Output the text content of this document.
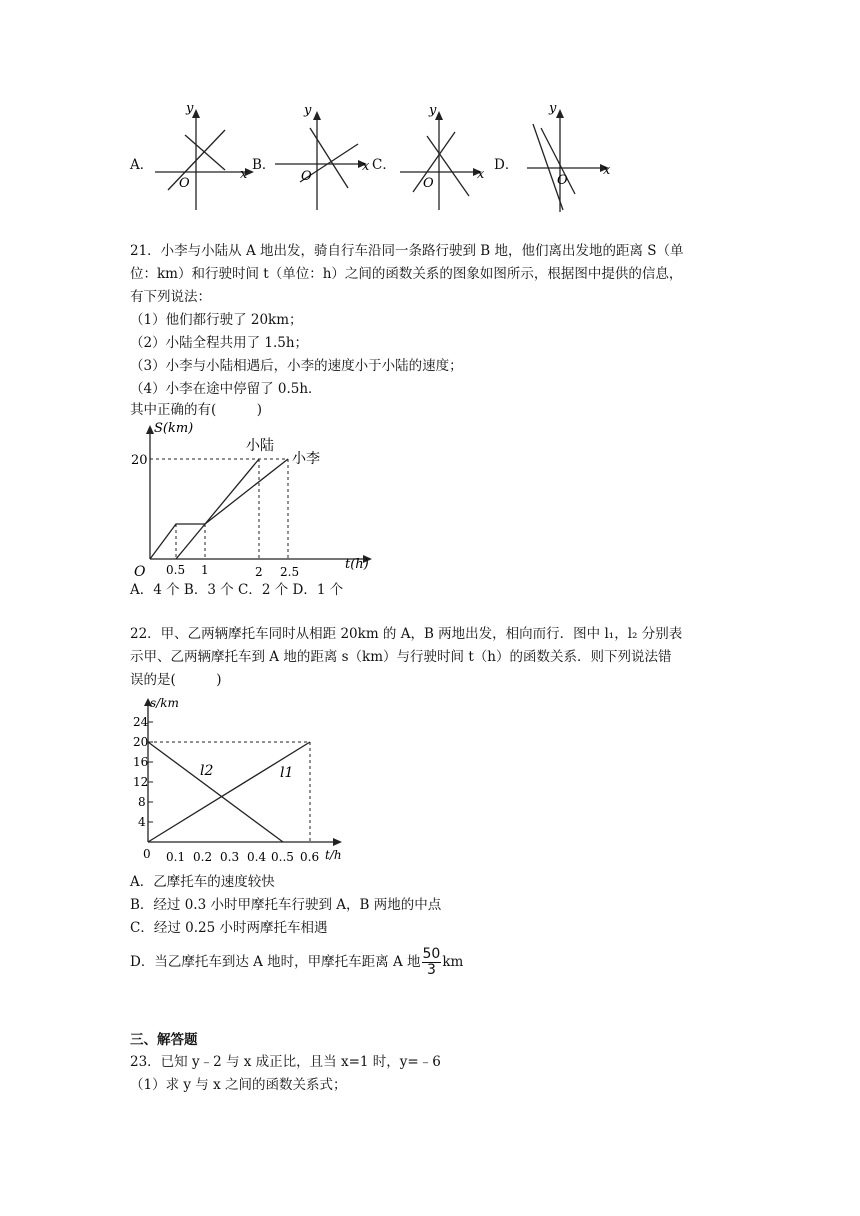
A．
y
x
O
B．
y
x
O
C．
y
x
O
D．
y
x
O
21．小李与小陆从 A 地出发，骑自行车沿同一条路行驶到 B 地，他们离出发地的距离 S（单
位：km）和行驶时间 t（单位：h）之间的函数关系的图象如图所示，根据图中提供的信息，
有下列说法：
（1）他们都行驶了 20km；
（2）小陆全程共用了 1.5h；
（3）小李与小陆相遇后，小李的速度小于小陆的速度；
（4）小李在途中停留了 0.5h．
其中正确的有(　　　)
S(km)
t(h)
20
O 0.5 1	2 2.5
小陆
小李
A．4 个 B．3 个 C．2 个 D．1 个
22．甲、乙两辆摩托车同时从相距 20km 的 A，B 两地出发，相向而行．图中 l₁，l₂ 分别表
示甲、乙两辆摩托车到 A 地的距离 s（km）与行驶时间 t（h）的函数关系．则下列说法错
误的是(　　　)
s/km
t/h
24
20
16
12
8
4
0 0.1 0.2 0.3 0.4 0..5 0.6
l2	l1
A．乙摩托车的速度较快
B．经过 0.3 小时甲摩托车行驶到 A，B 两地的中点
C．经过 0.25 小时两摩托车相遇
D．当乙摩托车到达 A 地时，甲摩托车距离 A 地 $\frac{50}{3}$ km
三、解答题
23．已知 y﹣2 与 x 成正比，且当 x=1 时，y=﹣6
（1）求 y 与 x 之间的函数关系式；
